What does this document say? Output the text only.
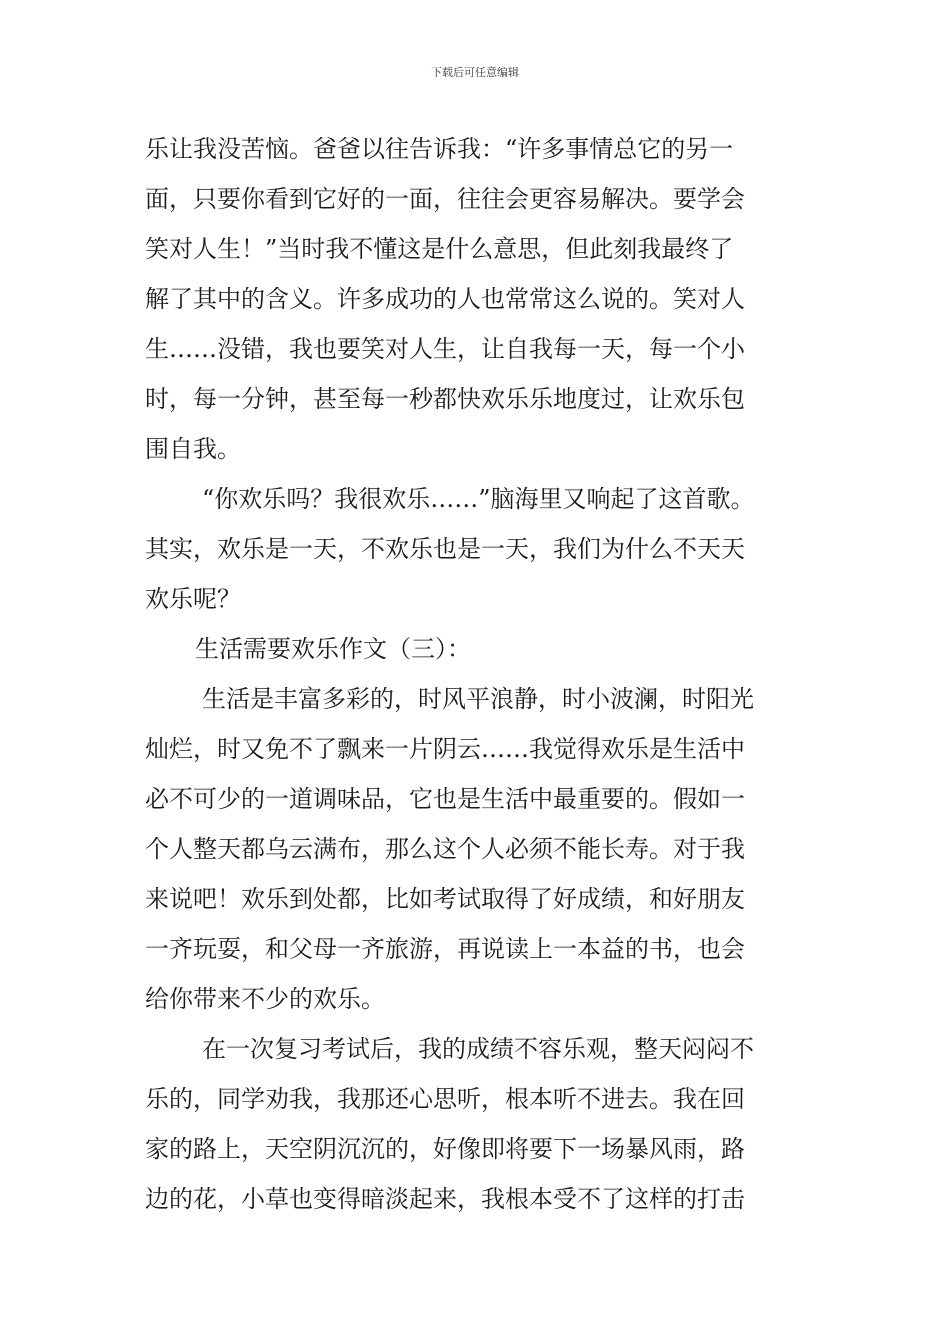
下载后可任意编辑
乐让我没苦恼。爸爸以往告诉我：“许多事情总它的另一
面，只要你看到它好的一面，往往会更容易解决。要学会
笑对人生！”当时我不懂这是什么意思，但此刻我最终了
解了其中的含义。许多成功的人也常常这么说的。笑对人
生……没错，我也要笑对人生，让自我每一天，每一个小
时，每一分钟，甚至每一秒都快欢乐乐地度过，让欢乐包
围自我。
“你欢乐吗？我很欢乐……”脑海里又响起了这首歌。
其实，欢乐是一天，不欢乐也是一天，我们为什么不天天
欢乐呢？
生活需要欢乐作文（三）：
生活是丰富多彩的，时风平浪静，时小波澜，时阳光
灿烂，时又免不了飘来一片阴云……我觉得欢乐是生活中
必不可少的一道调味品，它也是生活中最重要的。假如一
个人整天都乌云满布，那么这个人必须不能长寿。对于我
来说吧！欢乐到处都，比如考试取得了好成绩，和好朋友
一齐玩耍，和父母一齐旅游，再说读上一本益的书，也会
给你带来不少的欢乐。
在一次复习考试后，我的成绩不容乐观，整天闷闷不
乐的，同学劝我，我那还心思听，根本听不进去。我在回
家的路上，天空阴沉沉的，好像即将要下一场暴风雨，路
边的花，小草也变得暗淡起来，我根本受不了这样的打击
